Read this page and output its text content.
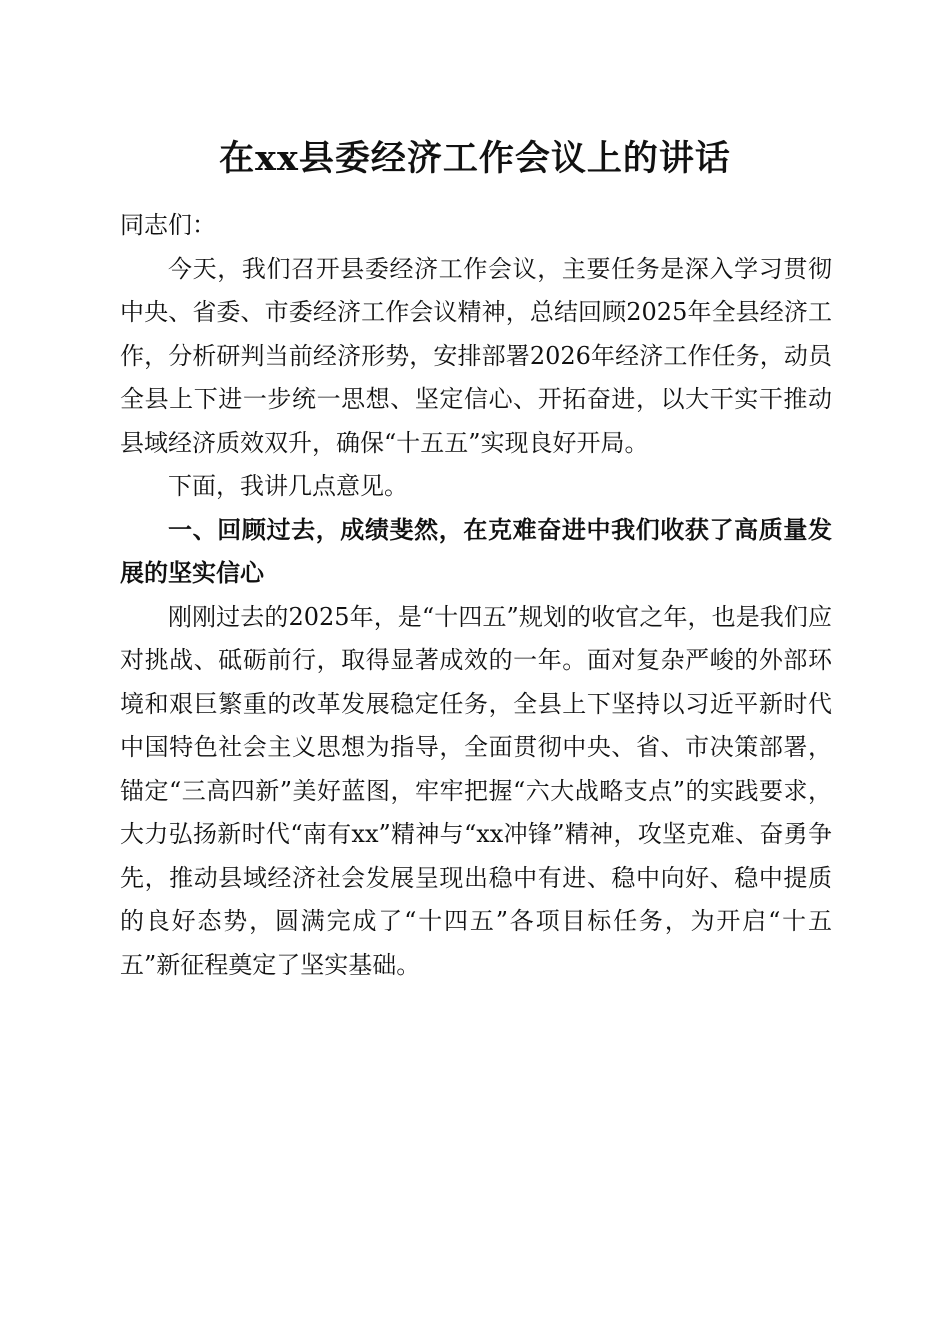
在xx县委经济工作会议上的讲话

同志们：

今天，我们召开县委经济工作会议，主要任务是深入学习贯彻中央、省委、市委经济工作会议精神，总结回顾2025年全县经济工作，分析研判当前经济形势，安排部署2026年经济工作任务，动员全县上下进一步统一思想、坚定信心、开拓奋进，以大干实干推动县域经济质效双升，确保“十五五”实现良好开局。

下面，我讲几点意见。

一、回顾过去，成绩斐然，在克难奋进中我们收获了高质量发展的坚实信心

刚刚过去的2025年，是“十四五”规划的收官之年，也是我们应对挑战、砥砺前行，取得显著成效的一年。面对复杂严峻的外部环境和艰巨繁重的改革发展稳定任务，全县上下坚持以习近平新时代中国特色社会主义思想为指导，全面贯彻中央、省、市决策部署，锚定“三高四新”美好蓝图，牢牢把握“六大战略支点”的实践要求，大力弘扬新时代“南有xx”精神与“xx冲锋”精神，攻坚克难、奋勇争先，推动县域经济社会发展呈现出稳中有进、稳中向好、稳中提质的良好态势，圆满完成了“十四五”各项目标任务，为开启“十五五”新征程奠定了坚实基础。
